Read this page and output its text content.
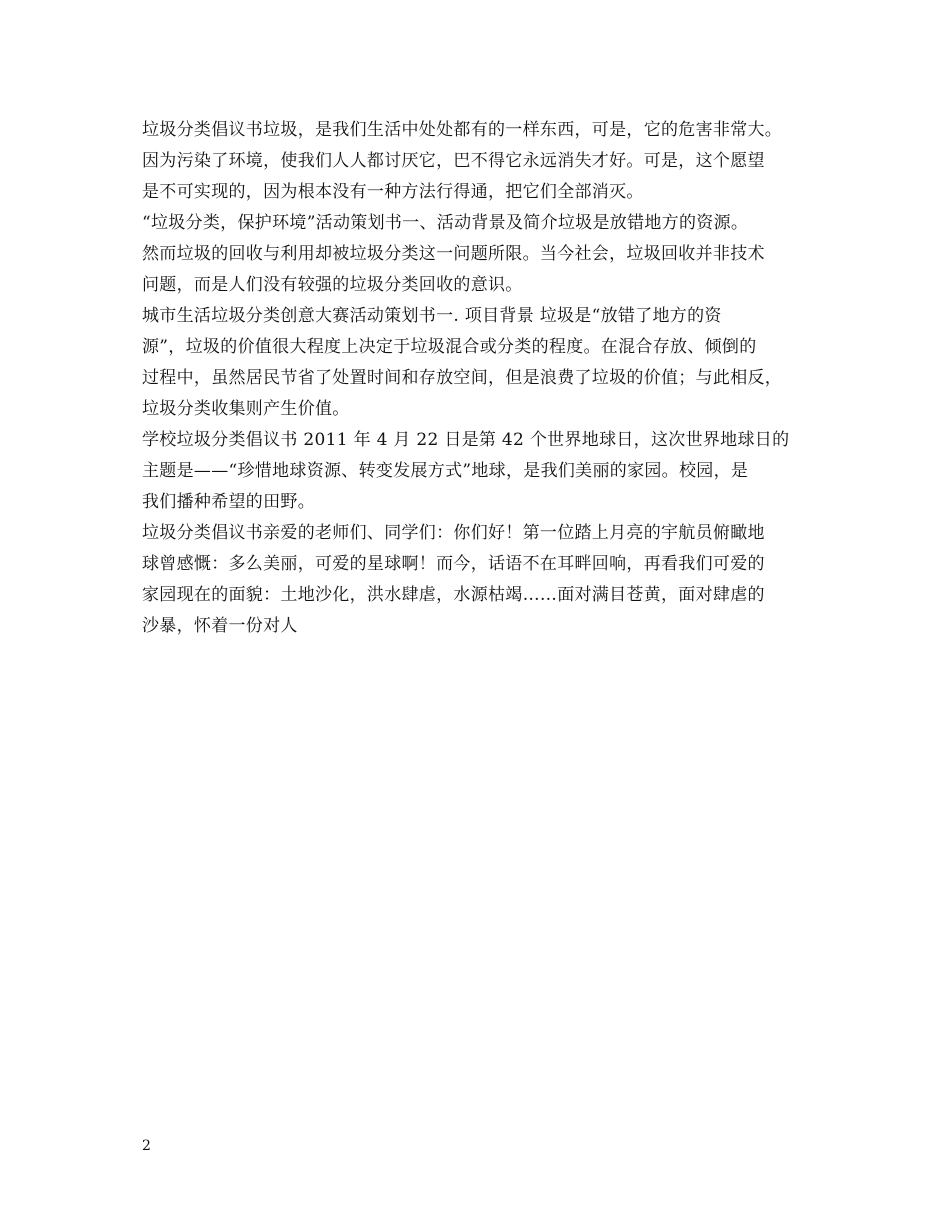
垃圾分类倡议书垃圾，是我们生活中处处都有的一样东西，可是，它的危害非常大。
因为污染了环境，使我们人人都讨厌它，巴不得它永远消失才好。可是，这个愿望
是不可实现的，因为根本没有一种方法行得通，把它们全部消灭。
“垃圾分类，保护环境”活动策划书一、活动背景及简介垃圾是放错地方的资源。
然而垃圾的回收与利用却被垃圾分类这一问题所限。当今社会，垃圾回收并非技术
问题，而是人们没有较强的垃圾分类回收的意识。
城市生活垃圾分类创意大赛活动策划书一. 项目背景 垃圾是“放错了地方的资
源”，垃圾的价值很大程度上决定于垃圾混合或分类的程度。在混合存放、倾倒的
过程中，虽然居民节省了处置时间和存放空间，但是浪费了垃圾的价值；与此相反，
垃圾分类收集则产生价值。
学校垃圾分类倡议书 2011 年 4 月 22 日是第 42 个世界地球日，这次世界地球日的
主题是——“珍惜地球资源、转变发展方式”地球，是我们美丽的家园。校园，是
我们播种希望的田野。
垃圾分类倡议书亲爱的老师们、同学们：你们好！第一位踏上月亮的宇航员俯瞰地
球曾感慨：多么美丽，可爱的星球啊！而今，话语不在耳畔回响，再看我们可爱的
家园现在的面貌：土地沙化，洪水肆虐，水源枯竭……面对满目苍黄，面对肆虐的
沙暴，怀着一份对人
2
